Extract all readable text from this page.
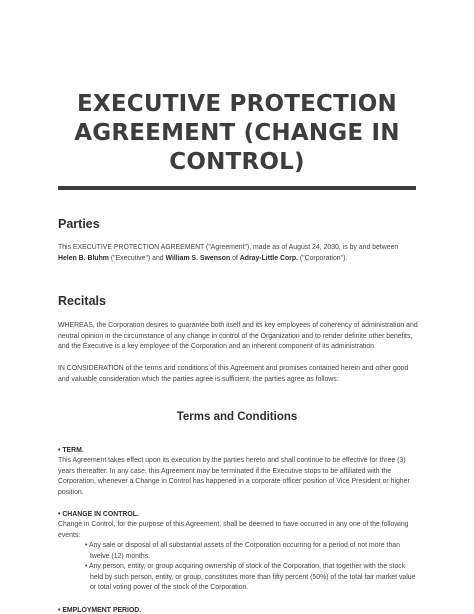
EXECUTIVE PROTECTION AGREEMENT (CHANGE IN CONTROL)
Parties
This EXECUTIVE PROTECTION AGREEMENT ("Agreement"), made as of August 24, 2030, is by and between Helen B. Bluhm ("Executive") and William S. Swenson of Adray-Little Corp. ("Corporation").
Recitals
WHEREAS, the Corporation desires to guarantee both itself and its key employees of coherency of administration and neutral opinion in the circumstance of any change in control of the Organization and to render definite other benefits, and the Executive is a key employee of the Corporation and an inherent component of its administration.
IN CONSIDERATION of the terms and conditions of this Agreement and promises contained herein and other good and valuable consideration which the parties agree is sufficient, the parties agree as follows:
Terms and Conditions
• TERM.
This Agreement takes effect upon its execution by the parties hereto and shall continue to be effective for three (3) years thereafter. In any case, this Agreement may be terminated if the Executive stops to be affiliated with the Corporation, whenever a Change in Control has happened in a corporate officer position of Vice President or higher position.
• CHANGE IN CONTROL.
Change in Control, for the purpose of this Agreement, shall be deemed to have occurred in any one of the following events:
• Any sale or disposal of all substantial assets of the Corporation occurring for a period of not more than twelve (12) months.
• Any person, entity, or group acquiring ownership of stock of the Corporation, that together with the stock held by such person, entity, or group, constitutes more than fifty percent (50%) of the total fair market value or total voting power of the stock of the Corporation.
• EMPLOYMENT PERIOD.
